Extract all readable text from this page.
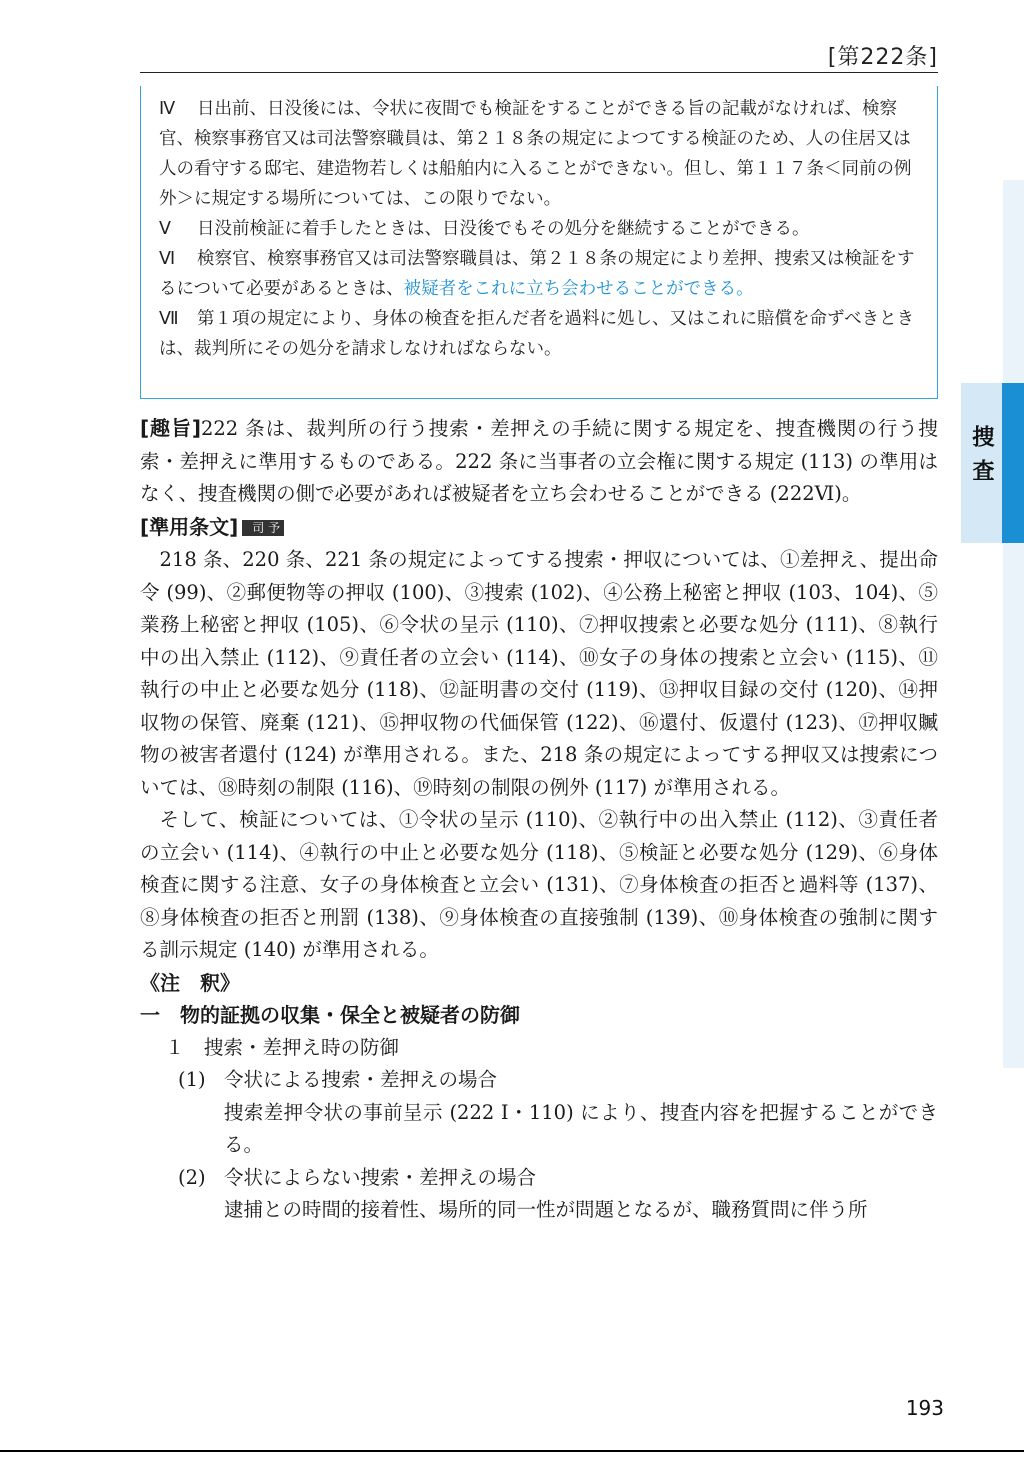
[第222条]
捜査
Ⅳ 日出前、日没後には、令状に夜間でも検証をすることができる旨の記載がなければ、検察官、検察事務官又は司法警察職員は、第２１８条の規定によつてする検証のため、人の住居又は人の看守する邸宅、建造物若しくは船舶内に入ることができない。但し、第１１７条＜同前の例外＞に規定する場所については、この限りでない。
Ⅴ 日没前検証に着手したときは、日没後でもその処分を継続することができる。
Ⅵ 検察官、検察事務官又は司法警察職員は、第２１８条の規定により差押、捜索又は検証をするについて必要があるときは、被疑者をこれに立ち会わせることができる。
Ⅶ 第１項の規定により、身体の検査を拒んだ者を過料に処し、又はこれに賠償を命ずべきときは、裁判所にその処分を請求しなければならない。

[趣旨]222 条は、裁判所の行う捜索・差押えの手続に関する規定を、捜査機関の行う捜索・差押えに準用するものである。222 条に当事者の立会権に関する規定 (113) の準用はなく、捜査機関の側で必要があれば被疑者を立ち会わせることができる (222Ⅵ)。

[準用条文] 司 予

218 条、220 条、221 条の規定によってする捜索・押収については、①差押え、提出命令 (99)、②郵便物等の押収 (100)、③捜索 (102)、④公務上秘密と押収 (103、104)、⑤業務上秘密と押収 (105)、⑥令状の呈示 (110)、⑦押収捜索と必要な処分 (111)、⑧執行中の出入禁止 (112)、⑨責任者の立会い (114)、⑩女子の身体の捜索と立会い (115)、⑪執行の中止と必要な処分 (118)、⑫証明書の交付 (119)、⑬押収目録の交付 (120)、⑭押収物の保管、廃棄 (121)、⑮押収物の代価保管 (122)、⑯還付、仮還付 (123)、⑰押収贓物の被害者還付 (124) が準用される。また、218 条の規定によってする押収又は捜索については、⑱時刻の制限 (116)、⑲時刻の制限の例外 (117) が準用される。

そして、検証については、①令状の呈示 (110)、②執行中の出入禁止 (112)、③責任者の立会い (114)、④執行の中止と必要な処分 (118)、⑤検証と必要な処分 (129)、⑥身体検査に関する注意、女子の身体検査と立会い (131)、⑦身体検査の拒否と過料等 (137)、⑧身体検査の拒否と刑罰 (138)、⑨身体検査の直接強制 (139)、⑩身体検査の強制に関する訓示規定 (140) が準用される。

《注　釈》

一　物的証拠の収集・保全と被疑者の防御

１　捜索・差押え時の防御

(1) 令状による捜索・差押えの場合

捜索差押令状の事前呈示 (222 Ⅰ・110) により、捜査内容を把握することができる。

(2) 令状によらない捜索・差押えの場合

逮捕との時間的接着性、場所的同一性が問題となるが、職務質問に伴う所

193
